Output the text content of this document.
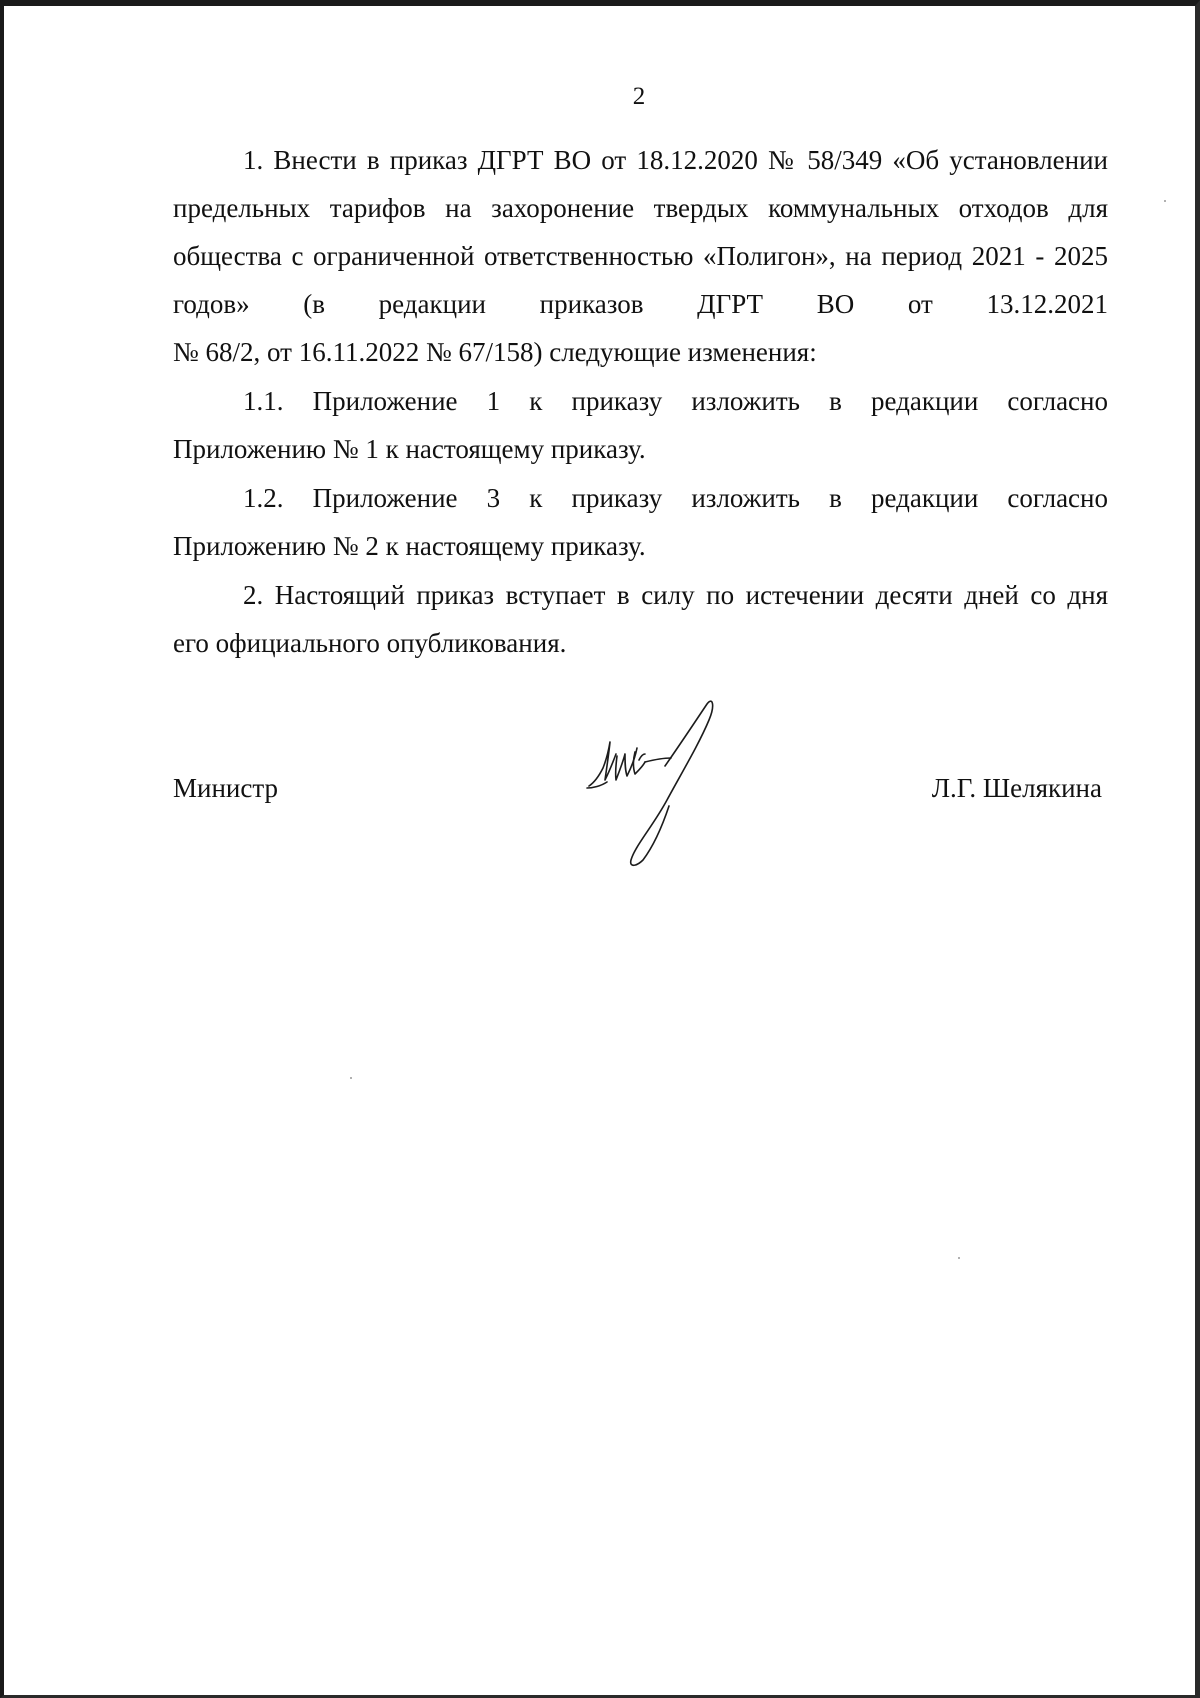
2

1. Внести в приказ ДГРТ ВО от 18.12.2020 № 58/349 «Об установлении
предельных тарифов на захоронение твердых коммунальных отходов для
общества с ограниченной ответственностью «Полигон», на период 2021 - 2025
годов» (в редакции приказов ДГРТ ВО от 13.12.2021
№ 68/2, от 16.11.2022 № 67/158) следующие изменения:

1.1. Приложение 1 к приказу изложить в редакции согласно
Приложению № 1 к настоящему приказу.

1.2. Приложение 3 к приказу изложить в редакции согласно
Приложению № 2 к настоящему приказу.

2. Настоящий приказ вступает в силу по истечении десяти дней со дня
его официального опубликования.

Министр	Л.Г. Шелякина
